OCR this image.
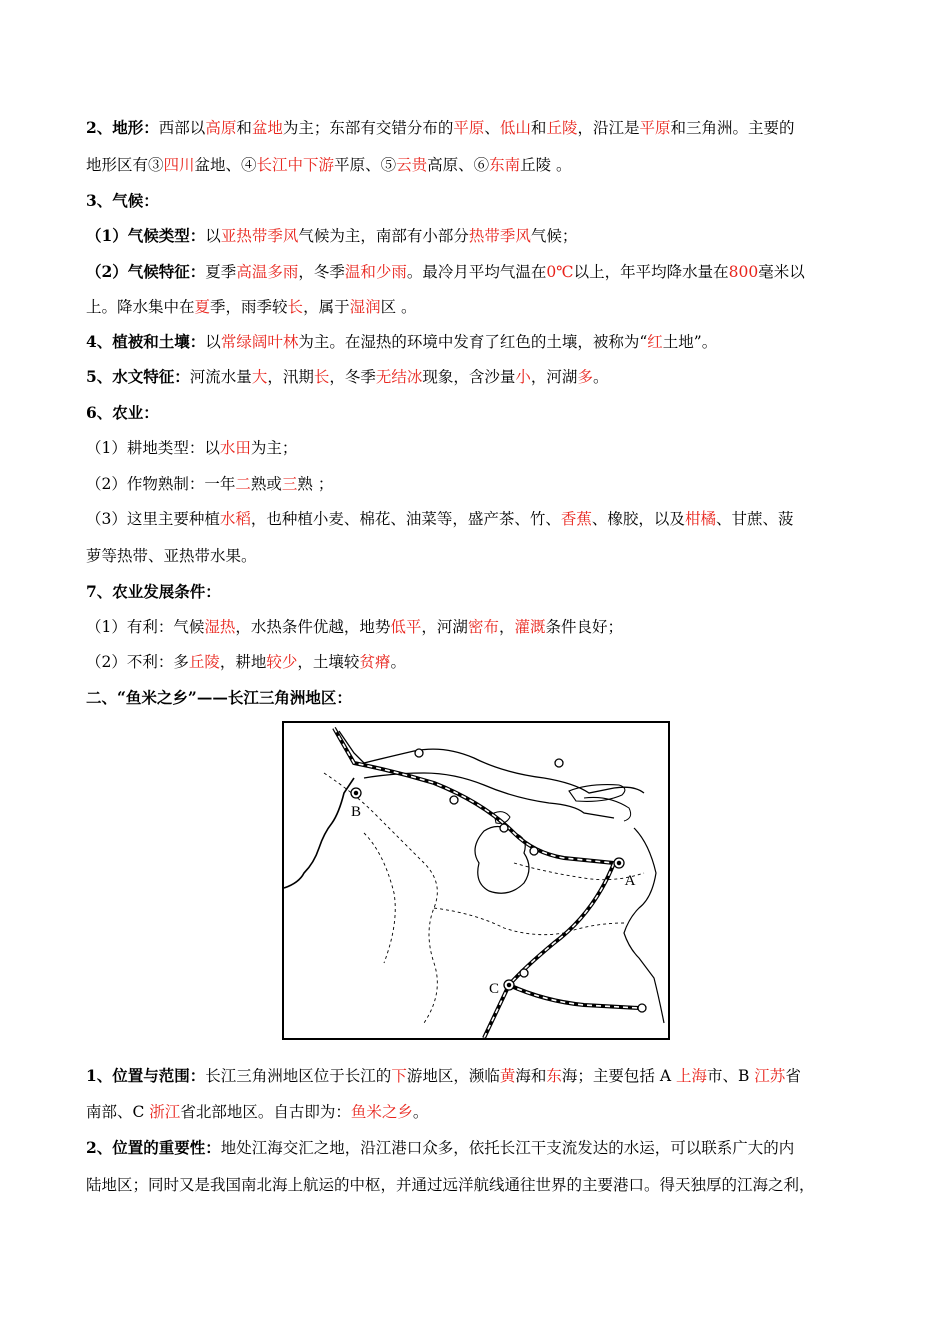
2、地形：西部以高原和盆地为主；东部有交错分布的平原、低山和丘陵，沿江是平原和三角洲。主要的
地形区有③四川盆地、④长江中下游平原、⑤云贵高原、⑥东南丘陵 。
3、气候：
（1）气候类型：以亚热带季风气候为主，南部有小部分热带季风气候；
（2）气候特征：夏季高温多雨，冬季温和少雨。最冷月平均气温在0℃以上，年平均降水量在800毫米以
上。降水集中在夏季，雨季较长，属于湿润区 。
4、植被和土壤：以常绿阔叶林为主。在湿热的环境中发育了红色的土壤，被称为“红土地”。
5、水文特征：河流水量大，汛期长，冬季无结冰现象，含沙量小，河湖多。
6、农业：
（1）耕地类型：以水田为主；
（2）作物熟制：一年二熟或三熟 ；
（3）这里主要种植水稻，也种植小麦、棉花、油菜等，盛产茶、竹、香蕉、橡胶，以及柑橘、甘蔗、菠
萝等热带、亚热带水果。
7、农业发展条件：
（1）有利：气候湿热，水热条件优越，地势低平，河湖密布，灌溉条件良好；
（2）不利：多丘陵，耕地较少，土壤较贫瘠。
二、“鱼米之乡”——长江三角洲地区：
B
A
C
1、位置与范围：长江三角洲地区位于长江的下游地区，濒临黄海和东海；主要包括 A 上海市、B 江苏省
南部、C 浙江省北部地区。自古即为：鱼米之乡。
2、位置的重要性：地处江海交汇之地，沿江港口众多，依托长江干支流发达的水运，可以联系广大的内
陆地区；同时又是我国南北海上航运的中枢，并通过远洋航线通往世界的主要港口。得天独厚的江海之利，
